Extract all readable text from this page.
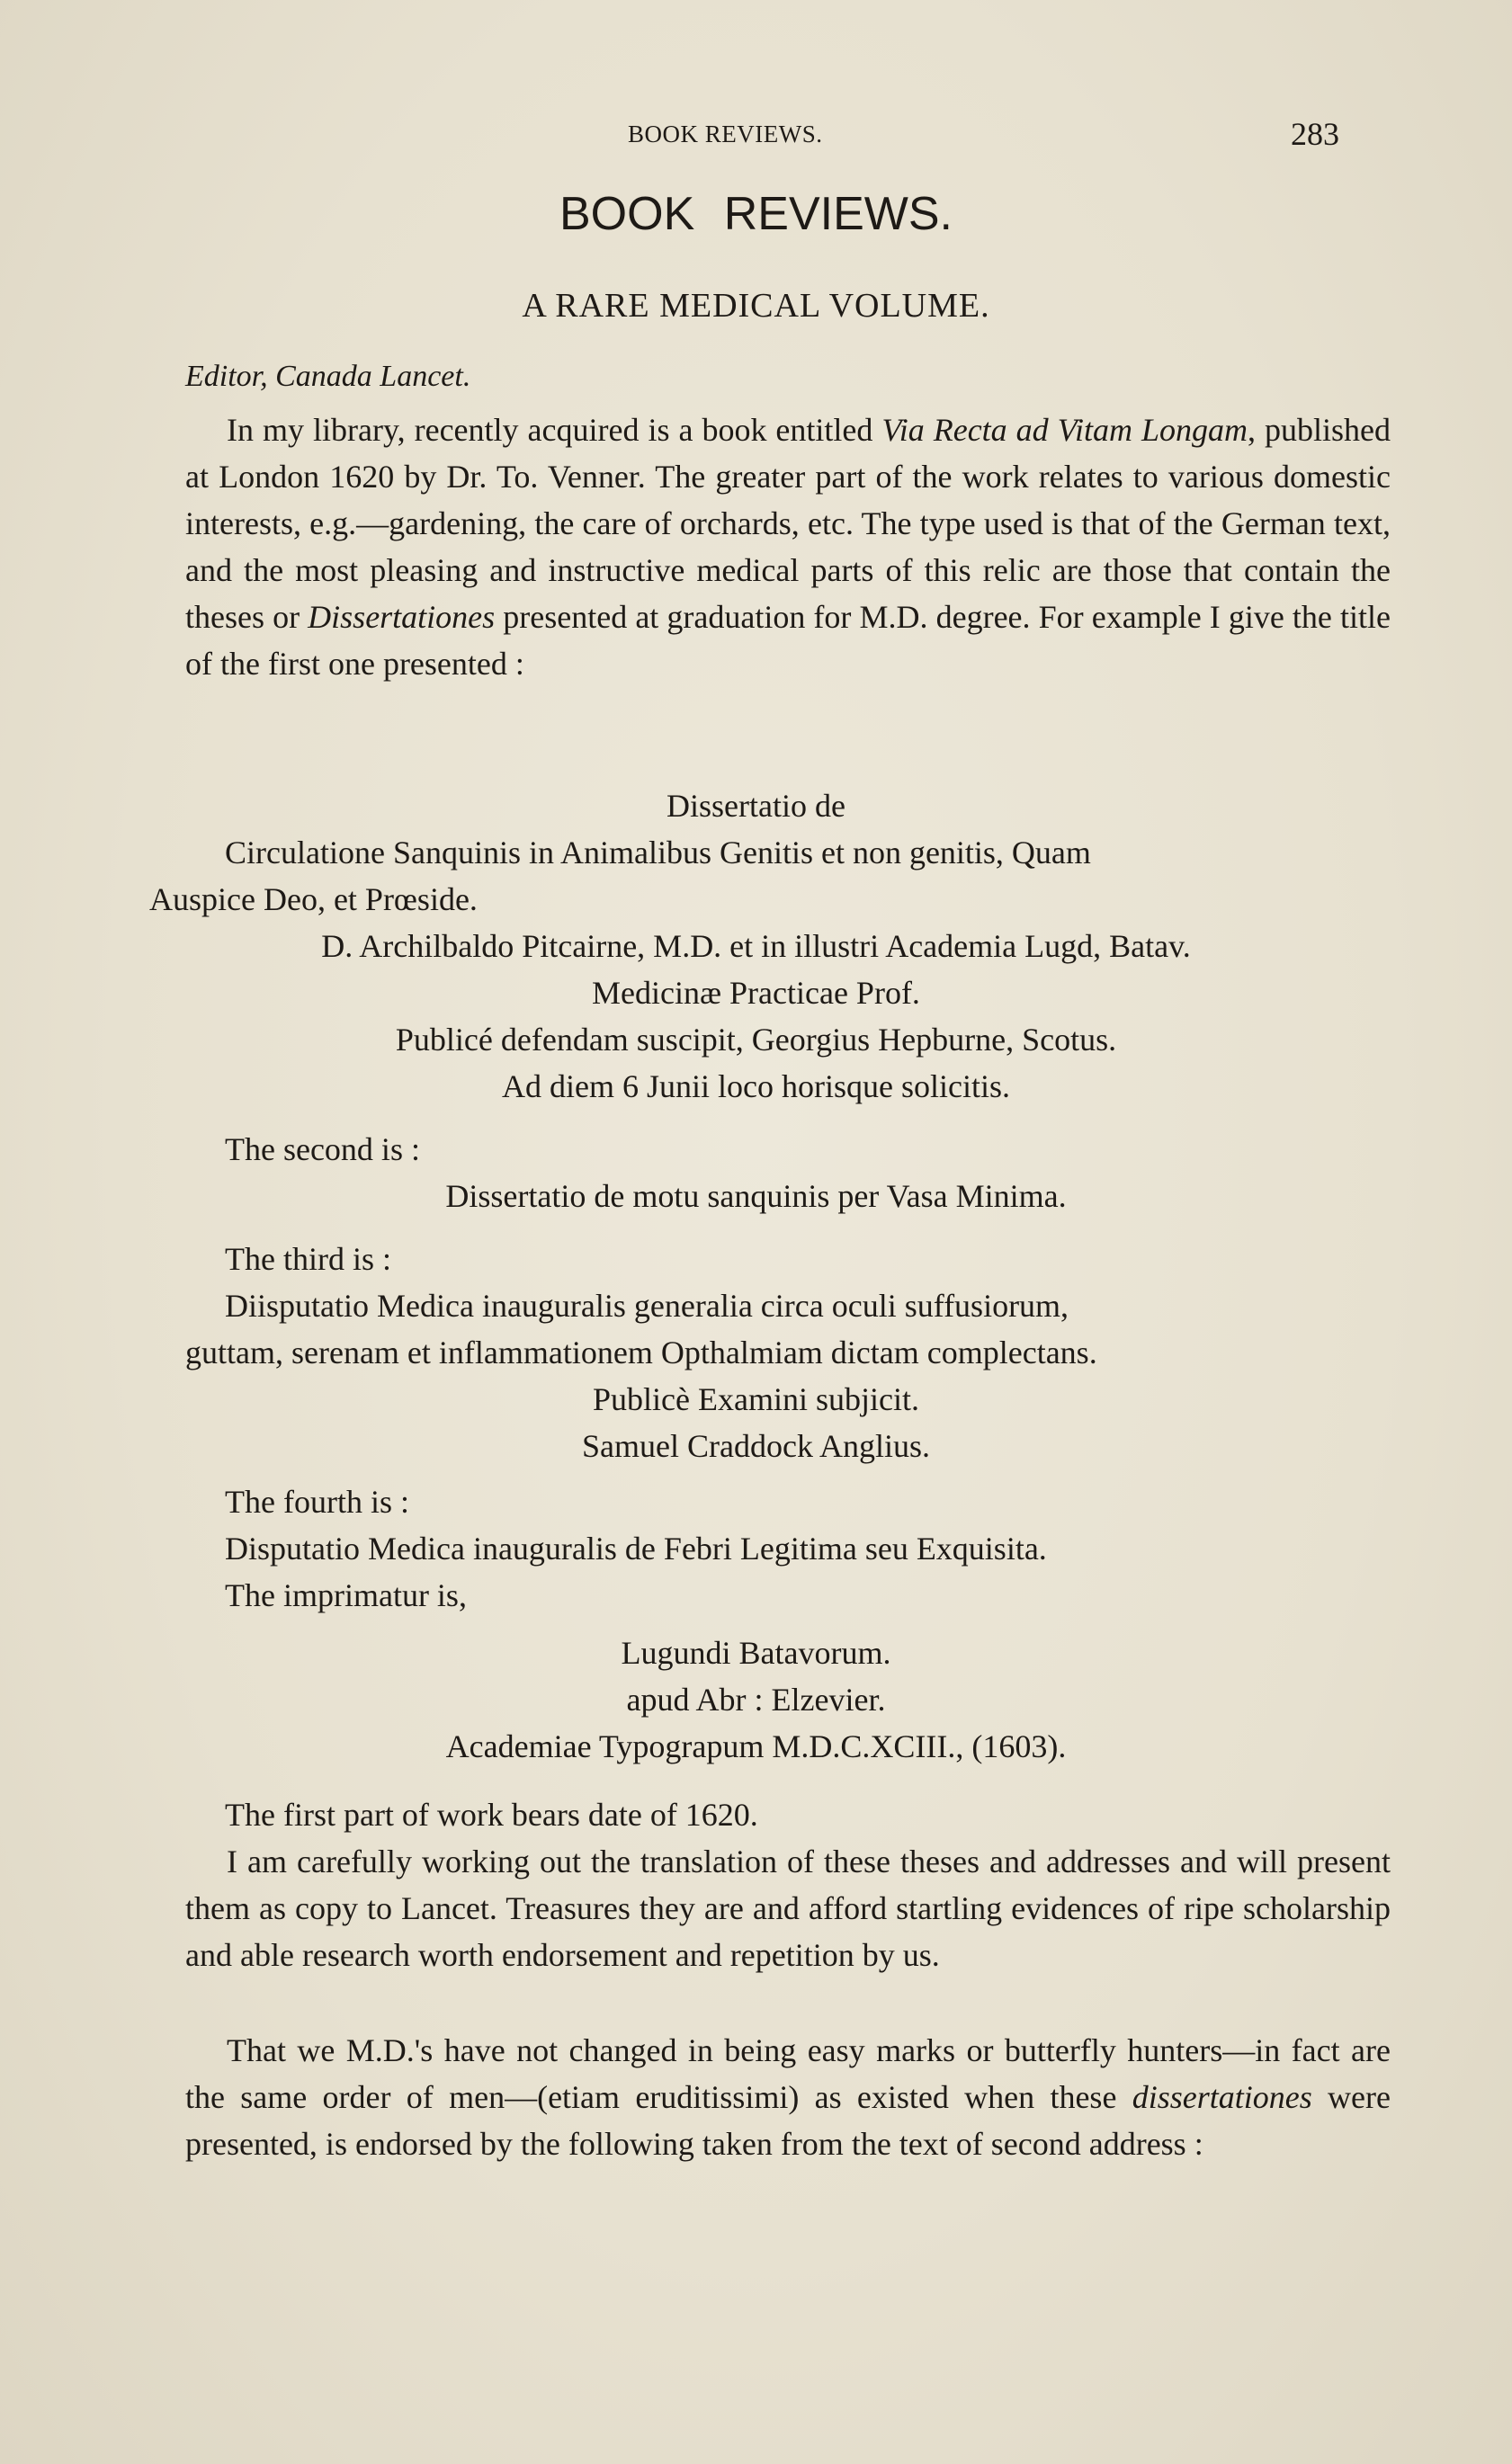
BOOK REVIEWS.	283
BOOK REVIEWS.
A RARE MEDICAL VOLUME.
Editor, Canada Lancet.

In my library, recently acquired is a book entitled Via Recta ad Vitam Longam, published at London 1620 by Dr. To. Venner. The greater part of the work relates to various domestic interests, e.g.—gardening, the care of orchards, etc. The type used is that of the German text, and the most pleasing and instructive medical parts of this relic are those that contain the theses or Dissertationes presented at graduation for M.D. degree. For example I give the title of the first one presented :

Dissertatio de
Circulatione Sanquinis in Animalibus Genitis et non genitis, Quam
Auspice Deo, et Prœside.
D. Archilbaldo Pitcairne, M.D. et in illustri Academia Lugd, Batav.
Medicinæ Practicae Prof.
Publicé defendam suscipit, Georgius Hepburne, Scotus.
Ad diem 6 Junii loco horisque solicitis.
The second is :
Dissertatio de motu sanquinis per Vasa Minima.
The third is :
Diisputatio Medica inauguralis generalia circa oculi suffusiorum,
guttam, serenam et inflammationem Opthalmiam dictam complectans.
Publicè Examini subjicit.
Samuel Craddock Anglius.
The fourth is :
Disputatio Medica inauguralis de Febri Legitima seu Exquisita.
The imprimatur is,
Lugundi Batavorum.
apud Abr : Elzevier.
Academiae Typograpum M.D.C.XCIII., (1603).
The first part of work bears date of 1620.

I am carefully working out the translation of these theses and addresses and will present them as copy to Lancet. Treasures they are and afford startling evidences of ripe scholarship and able research worth endorsement and repetition by us.

That we M.D.'s have not changed in being easy marks or butterfly hunters—in fact are the same order of men—(etiam eruditissimi) as existed when these dissertationes were presented, is endorsed by the following taken from the text of second address :
